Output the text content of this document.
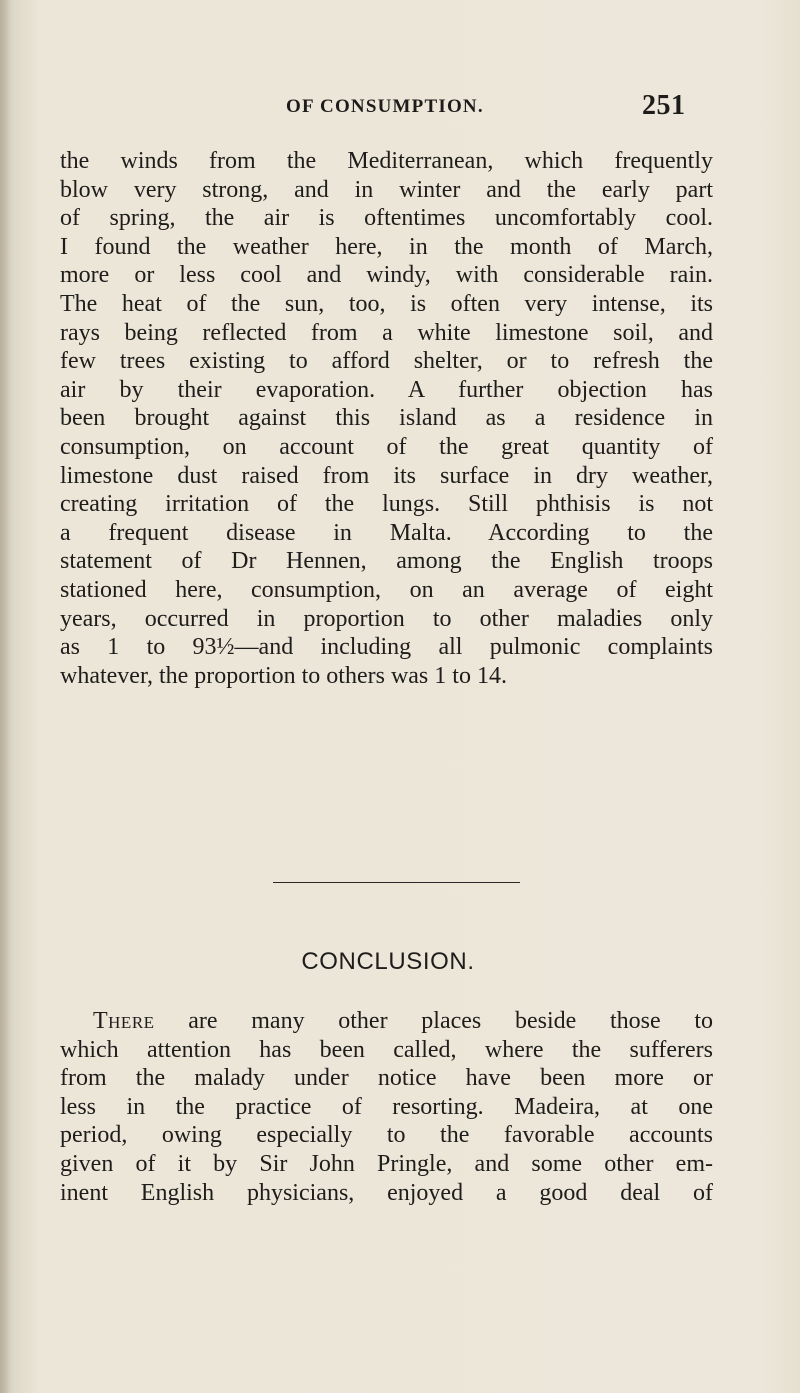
OF CONSUMPTION.	251
the winds from the Mediterranean, which frequently
blow very strong, and in winter and the early part
of spring, the air is oftentimes uncomfortably cool.
I found the weather here, in the month of March,
more or less cool and windy, with considerable rain.
The heat of the sun, too, is often very intense, its
rays being reflected from a white limestone soil, and
few trees existing to afford shelter, or to refresh the
air by their evaporation. A further objection has
been brought against this island as a residence in
consumption, on account of the great quantity of
limestone dust raised from its surface in dry weather,
creating irritation of the lungs. Still phthisis is not
a frequent disease in Malta. According to the
statement of Dr Hennen, among the English troops
stationed here, consumption, on an average of eight
years, occurred in proportion to other maladies only
as 1 to 93½—and including all pulmonic complaints
whatever, the proportion to others was 1 to 14.
CONCLUSION.
There are many other places beside those to
which attention has been called, where the sufferers
from the malady under notice have been more or
less in the practice of resorting. Madeira, at one
period, owing especially to the favorable accounts
given of it by Sir John Pringle, and some other em-
inent English physicians, enjoyed a good deal of
